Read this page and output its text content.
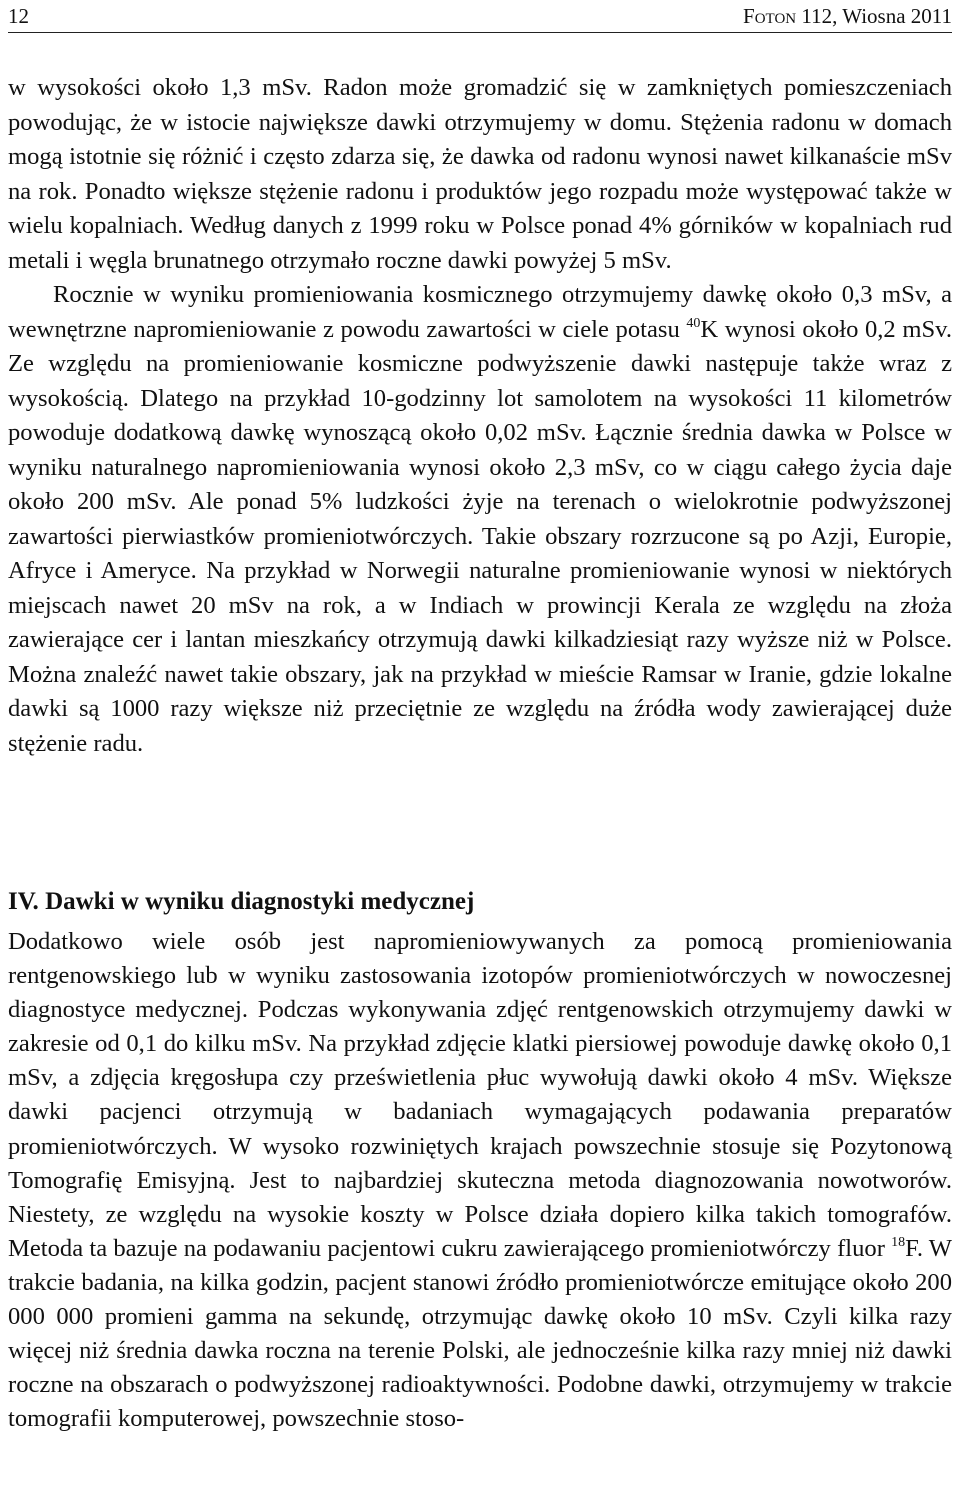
12	Foton 112, Wiosna 2011

w wysokości około 1,3 mSv. Radon może gromadzić się w zamkniętych pomieszczeniach powodując, że w istocie największe dawki otrzymujemy w domu. Stężenia radonu w domach mogą istotnie się różnić i często zdarza się, że dawka od radonu wynosi nawet kilkanaście mSv na rok. Ponadto większe stężenie radonu i produktów jego rozpadu może występować także w wielu kopalniach. Według danych z 1999 roku w Polsce ponad 4% górników w kopalniach rud metali i węgla brunatnego otrzymało roczne dawki powyżej 5 mSv.

Rocznie w wyniku promieniowania kosmicznego otrzymujemy dawkę około 0,3 mSv, a wewnętrzne napromieniowanie z powodu zawartości w ciele potasu $^{40}$K wynosi około 0,2 mSv. Ze względu na promieniowanie kosmiczne podwyższenie dawki następuje także wraz z wysokością. Dlatego na przykład 10-godzinny lot samolotem na wysokości 11 kilometrów powoduje dodatkową dawkę wynoszącą około 0,02 mSv. Łącznie średnia dawka w Polsce w wyniku naturalnego napromieniowania wynosi około 2,3 mSv, co w ciągu całego życia daje około 200 mSv. Ale ponad 5% ludzkości żyje na terenach o wielokrotnie podwyższonej zawartości pierwiastków promieniotwórczych. Takie obszary rozrzucone są po Azji, Europie, Afryce i Ameryce. Na przykład w Norwegii naturalne promieniowanie wynosi w niektórych miejscach nawet 20 mSv na rok, a w Indiach w prowincji Kerala ze względu na złoża zawierające cer i lantan mieszkańcy otrzymują dawki kilkadziesiąt razy wyższe niż w Polsce. Można znaleźć nawet takie obszary, jak na przykład w mieście Ramsar w Iranie, gdzie lokalne dawki są 1000 razy większe niż przeciętnie ze względu na źródła wody zawierającej duże stężenie radu.

IV. Dawki w wyniku diagnostyki medycznej

Dodatkowo wiele osób jest napromieniowywanych za pomocą promieniowania rentgenowskiego lub w wyniku zastosowania izotopów promieniotwórczych w nowoczesnej diagnostyce medycznej. Podczas wykonywania zdjęć rentgenowskich otrzymujemy dawki w zakresie od 0,1 do kilku mSv. Na przykład zdjęcie klatki piersiowej powoduje dawkę około 0,1 mSv, a zdjęcia kręgosłupa czy prześwietlenia płuc wywołują dawki około 4 mSv. Większe dawki pacjenci otrzymują w badaniach wymagających podawania preparatów promieniotwórczych. W wysoko rozwiniętych krajach powszechnie stosuje się Pozytonową Tomografię Emisyjną. Jest to najbardziej skuteczna metoda diagnozowania nowotworów. Niestety, ze względu na wysokie koszty w Polsce działa dopiero kilka takich tomografów. Metoda ta bazuje na podawaniu pacjentowi cukru zawierającego promieniotwórczy fluor $^{18}$F. W trakcie badania, na kilka godzin, pacjent stanowi źródło promieniotwórcze emitujące około 200 000 000 promieni gamma na sekundę, otrzymując dawkę około 10 mSv. Czyli kilka razy więcej niż średnia dawka roczna na terenie Polski, ale jednocześnie kilka razy mniej niż dawki roczne na obszarach o podwyższonej radioaktywności. Podobne dawki, otrzymujemy w trakcie tomografii komputerowej, powszechnie stoso-
